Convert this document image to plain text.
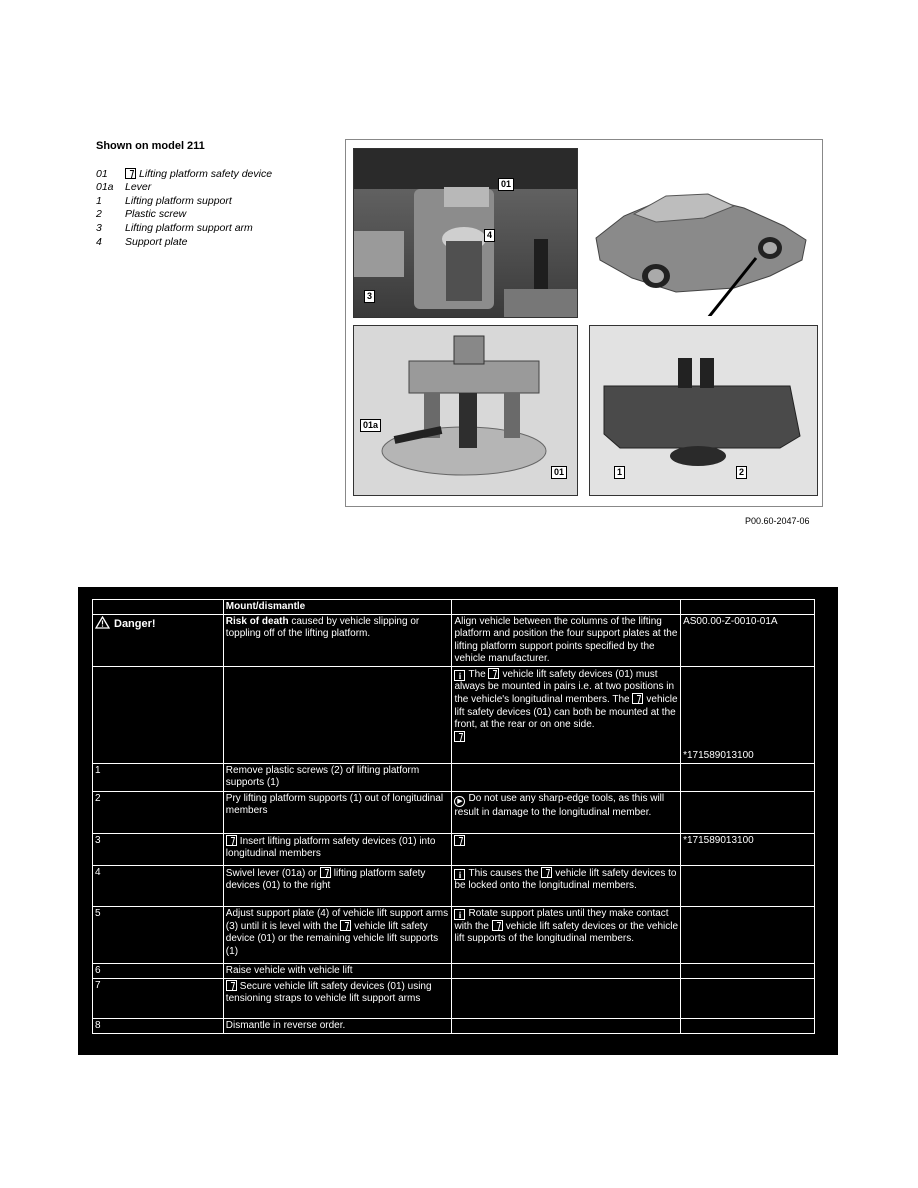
Shown on model 211
01	Lifting platform safety device
01a	Lever
1	Lifting platform support
2	Plastic screw
3	Lifting platform support arm
4	Support plate
01
4
3
01a
01	1	2
P00.60-2047-06
	Mount/dismantle		
Danger!	Risk of death caused by vehicle slipping or toppling off of the lifting platform.	Align vehicle between the columns of the lifting platform and position the four support plates at the lifting platform support points specified by the vehicle manufacturer.	AS00.00-Z-0010-01A
		i The vehicle lift safety devices (01) must always be mounted in pairs i.e. at two positions in the vehicle's longitudinal members. The vehicle lift safety devices (01) can both be mounted at the front, at the rear or on one side.	*171589013100
1	Remove plastic screws (2) of lifting platform supports (1)		
2	Pry lifting platform supports (1) out of longitudinal members	▶ Do not use any sharp-edge tools, as this will result in damage to the longitudinal member.	
3	Insert lifting platform safety devices (01) into longitudinal members		*171589013100
4	Swivel lever (01a) or lifting platform safety devices (01) to the right	i This causes the vehicle lift safety devices to be locked onto the longitudinal members.	
5	Adjust support plate (4) of vehicle lift support arms (3) until it is level with the vehicle lift safety device (01) or the remaining vehicle lift supports (1)	i Rotate support plates until they make contact with the vehicle lift safety devices or the vehicle lift supports of the longitudinal members.	
6	Raise vehicle with vehicle lift		
7	Secure vehicle lift safety devices (01) using tensioning straps to vehicle lift support arms		
8	Dismantle in reverse order.		
